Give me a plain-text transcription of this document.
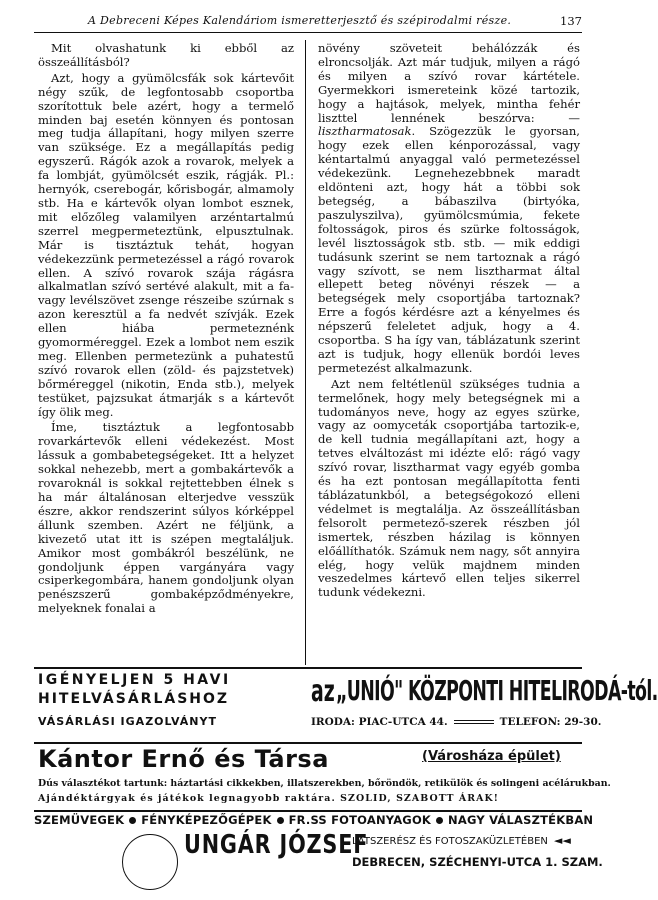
A Debreceni Képes Kalendáriom ismeretterjesztő és szépirodalmi része.	137

Mit olvashatunk ki ebből az összeállításból?

Azt, hogy a gyümölcsfák sok kártevőit négy szűk, de legfontosabb csoportba szorítottuk bele azért, hogy a termelő minden baj esetén könnyen és pontosan meg tudja állapítani, hogy milyen szerre van szüksége. Ez a megállapítás pedig egyszerű. Rágók azok a rovarok, melyek a fa lombját, gyümölcsét eszik, rágják. Pl.: hernyók, cserebogár, kőrisbogár, almamoly stb. Ha e kártevők olyan lombot esznek, mit előzőleg valamilyen arzéntartalmú szerrel megpermeteztünk, elpusztulnak. Már is tisztáztuk tehát, hogyan védekezzünk permetezéssel a rágó rovarok ellen. A szívó rovarok szája rágásra alkalmatlan szívó sertévé alakult, mit a fa- vagy levélszövet zsenge részeibe szúrnak s azon keresztül a fa nedvét szívják. Ezek ellen hiába permeteznénk gyomorméreggel. Ezek a lombot nem eszik meg. Ellenben permetezünk a puhatestű szívó rovarok ellen (zöld- és pajzstetvek) bőrméreggel (nikotin, Enda stb.), melyek testüket, pajzsukat átmarják s a kártevőt így ölik meg.

Íme, tisztáztuk a legfontosabb rovarkártevők elleni védekezést. Most lássuk a gombabetegségeket. Itt a helyzet sokkal nehezebb, mert a gombakártevők a rovaroknál is sokkal rejtettebben élnek s ha már általánosan elterjedve vesszük észre, akkor rendszerint súlyos kórképpel állunk szemben. Azért ne féljünk, a kivezető utat itt is szépen megtaláljuk. Amikor most gombákról beszélünk, ne gondoljunk éppen vargányára vagy csiperkegombára, hanem gondoljunk olyan penészszerű gombaképződményekre, melyeknek fonalai a

növény szöveteit behálózzák és elroncsolják. Azt már tudjuk, milyen a rágó és milyen a szívó rovar kártétele. Gyermekkori ismereteink közé tartozik, hogy a hajtások, melyek, mintha fehér liszttel lennének beszórva: — lisztharmatosak. Szögezzük le gyorsan, hogy ezek ellen kénporozással, vagy kéntartalmú anyaggal való permetezéssel védekezünk. Legnehezebbnek maradt eldönteni azt, hogy hát a többi sok betegség, a bábaszilva (birtyóka, paszulyszilva), gyümölcsmúmia, fekete foltosságok, piros és szürke foltosságok, levél lisztosságok stb. stb. — mik eddigi tudásunk szerint se nem tartoznak a rágó vagy szívott, se nem lisztharmat által ellepett beteg növényi részek — a betegségek mely csoportjába tartoznak? Erre a fogós kérdésre azt a kényelmes és népszerű feleletet adjuk, hogy a 4. csoportba. S ha így van, táblázatunk szerint azt is tudjuk, hogy ellenük bordói leves permetezést alkalmazunk.

Azt nem feltétlenül szükséges tudnia a termelőnek, hogy mely betegségnek mi a tudományos neve, hogy az egyes szürke, vagy az oomyceták csoportjába tartozik-e, de kell tudnia megállapítani azt, hogy a tetves elváltozást mi idézte elő: rágó vagy szívó rovar, lisztharmat vagy egyéb gomba és ha ezt pontosan megállapította fenti táblázatunkból, a betegségokozó elleni védelmet is megtalálja. Az összeállításban felsorolt permetező-szerek részben jól ismertek, részben házilag is könnyen előállíthatók. Számuk nem nagy, sőt annyira elég, hogy velük majdnem minden veszedelmes kártevő ellen teljes sikerrel tudunk védekezni.

IGÉNYELJEN 5 HAVI
HITELVÁSÁRLÁSHOZ
VÁSÁRLÁSI IGAZOLVÁNYT
az „UNIÓ" KÖZPONTI HITELIRODÁ-tól.
IRODA: PIAC-UTCA 44.	TELEFON: 29-30.
Kántor Ernő és Társa	(Városháza épület)
Dús választékot tartunk: háztartási cikkekben, illatszerekben, bőröndök, retikülök és solingeni acélárukban.
Ajándéktárgyak és játékok legnagyobb raktára. SZOLID, SZABOTT ÁRAK!
SZEMÜVEGEK FÉNYKÉPEZŐGÉPEK FR.SS FOTOANYAGOK NAGY VÁLASZTÉKBAN
UNGÁR JÓZSEF
LÁTSZERÉSZ ÉS FOTOSZAKÜZLETÉBEN ◄◄
DEBRECEN, SZÉCHENYI-UTCA 1. SZAM.
